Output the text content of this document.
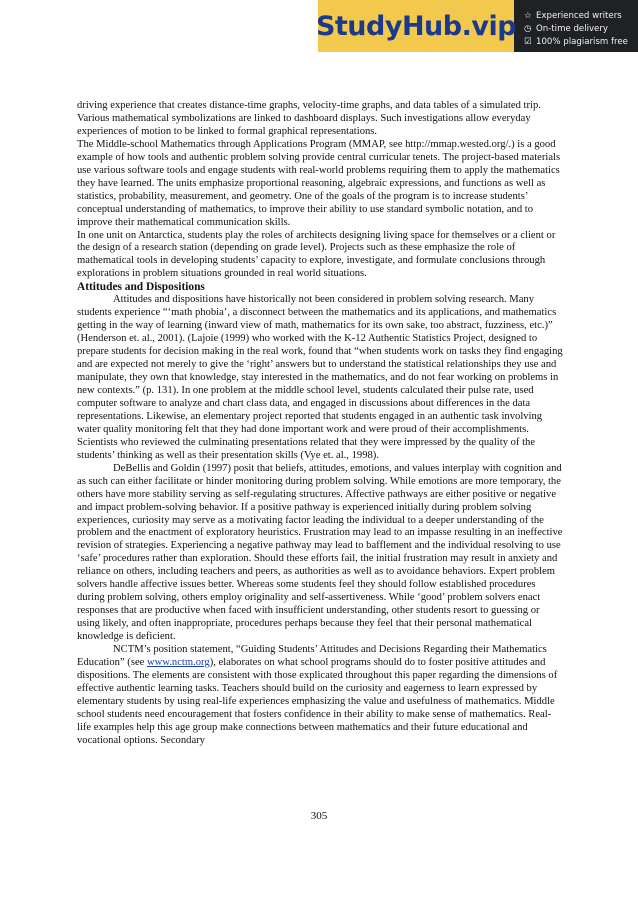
StudyHub.vip ☆ Experienced writers
◷ On-time delivery
☑ 100% plagiarism free

driving experience that creates distance-time graphs, velocity-time graphs, and data tables of a simulated trip. Various mathematical symbolizations are linked to dashboard displays. Such investigations allow everyday experiences of motion to be linked to formal graphical representations.

The Middle-school Mathematics through Applications Program (MMAP, see http://mmap.wested.org/.) is a good example of how tools and authentic problem solving provide central curricular tenets. The project-based materials use various software tools and engage students with real-world problems requiring them to apply the mathematics they have learned. The units emphasize proportional reasoning, algebraic expressions, and functions as well as statistics, probability, measurement, and geometry. One of the goals of the program is to increase students’ conceptual understanding of mathematics, to improve their ability to use standard symbolic notation, and to improve their mathematical communication skills.

In one unit on Antarctica, students play the roles of architects designing living space for themselves or a client or the design of a research station (depending on grade level). Projects such as these emphasize the role of mathematical tools in developing students’ capacity to explore, investigate, and formulate conclusions through explorations in problem situations grounded in real world situations.

Attitudes and Dispositions

Attitudes and dispositions have historically not been considered in problem solving research. Many students experience “‘math phobia’, a disconnect between the mathematics and its applications, and mathematics getting in the way of learning (inward view of math, mathematics for its own sake, too abstract, fuzziness, etc.)” (Henderson et. al., 2001). (Lajoie (1999) who worked with the K-12 Authentic Statistics Project, designed to prepare students for decision making in the real work, found that “when students work on tasks they find engaging and are expected not merely to give the ‘right’ answers but to understand the statistical relationships they use and manipulate, they own that knowledge, stay interested in the mathematics, and do not fear working on problems in new contexts.” (p. 131). In one problem at the middle school level, students calculated their pulse rate, used computer software to analyze and chart class data, and engaged in discussions about differences in the data representations. Likewise, an elementary project reported that students engaged in an authentic task involving water quality monitoring felt that they had done important work and were proud of their accomplishments. Scientists who reviewed the culminating presentations related that they were impressed by the quality of the students’ thinking as well as their presentation skills (Vye et. al., 1998).

DeBellis and Goldin (1997) posit that beliefs, attitudes, emotions, and values interplay with cognition and as such can either facilitate or hinder monitoring during problem solving. While emotions are more temporary, the others have more stability serving as self-regulating structures. Affective pathways are either positive or negative and impact problem-solving behavior. If a positive pathway is experienced initially during problem solving experiences, curiosity may serve as a motivating factor leading the individual to a deeper understanding of the problem and the enactment of exploratory heuristics. Frustration may lead to an impasse resulting in an ineffective revision of strategies. Experiencing a negative pathway may lead to bafflement and the individual resolving to use ‘safe’ procedures rather than exploration. Should these efforts fail, the initial frustration may result in anxiety and reliance on others, including teachers and peers, as authorities as well as to avoidance behaviors. Expert problem solvers handle affective issues better. Whereas some students feel they should follow established procedures during problem solving, others employ originality and self-assertiveness. While ‘good’ problem solvers enact responses that are productive when faced with insufficient understanding, other students resort to guessing or using likely, and often inappropriate, procedures perhaps because they feel that their personal mathematical knowledge is deficient.

NCTM’s position statement, “Guiding Students’ Attitudes and Decisions Regarding their Mathematics Education” (see www.nctm.org), elaborates on what school programs should do to foster positive attitudes and dispositions. The elements are consistent with those explicated throughout this paper regarding the dimensions of effective authentic learning tasks. Teachers should build on the curiosity and eagerness to learn expressed by elementary students by using real-life experiences emphasizing the value and usefulness of mathematics. Middle school students need encouragement that fosters confidence in their ability to make sense of mathematics. Real-life examples help this age group make connections between mathematics and their future educational and vocational options. Secondary

305
